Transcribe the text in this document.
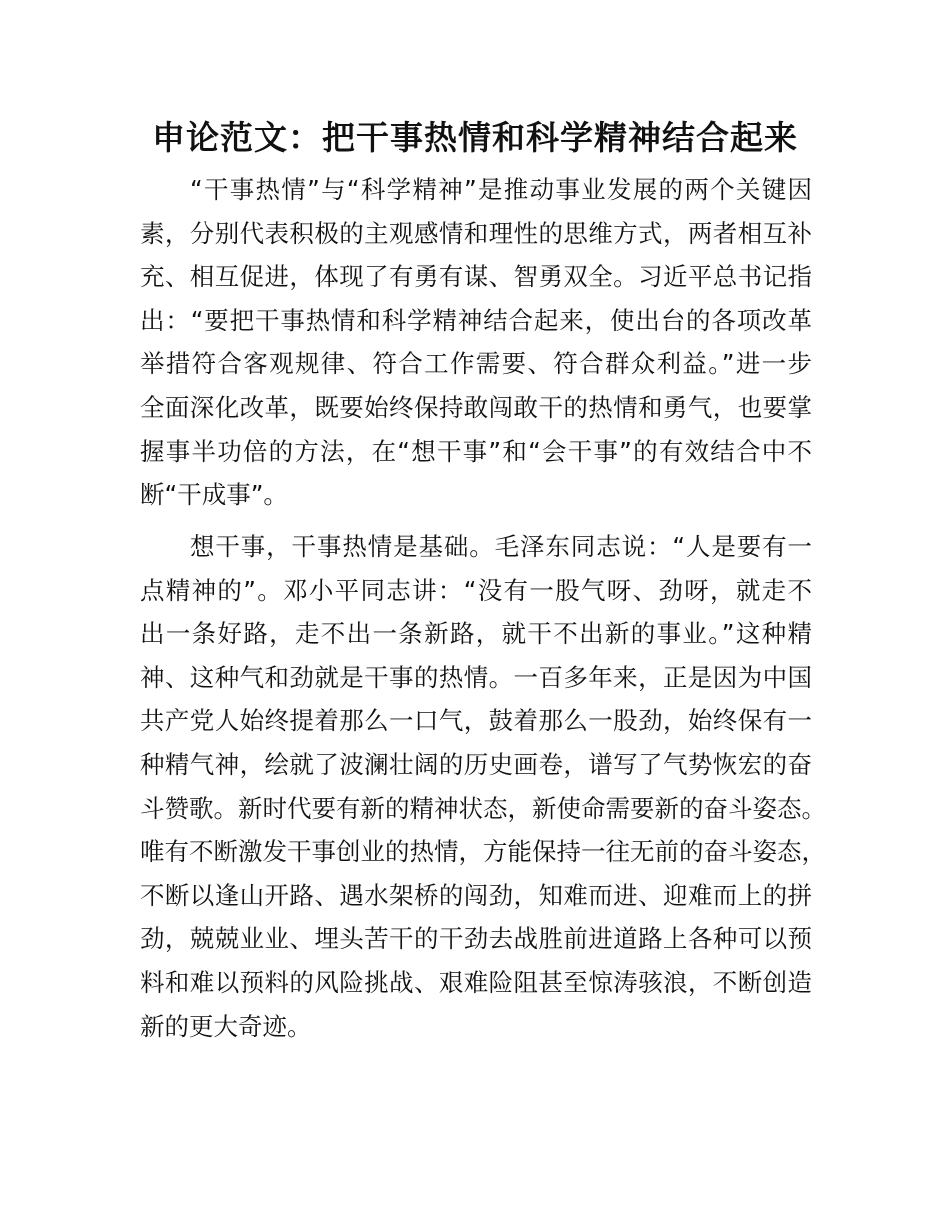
申论范文：把干事热情和科学精神结合起来
“干事热情”与“科学精神”是推动事业发展的两个关键因
素，分别代表积极的主观感情和理性的思维方式，两者相互补
充、相互促进，体现了有勇有谋、智勇双全。习近平总书记指
出：“要把干事热情和科学精神结合起来，使出台的各项改革
举措符合客观规律、符合工作需要、符合群众利益。”进一步
全面深化改革，既要始终保持敢闯敢干的热情和勇气，也要掌
握事半功倍的方法，在“想干事”和“会干事”的有效结合中不
断“干成事”。
想干事，干事热情是基础。毛泽东同志说：“人是要有一
点精神的”。邓小平同志讲：“没有一股气呀、劲呀，就走不
出一条好路，走不出一条新路，就干不出新的事业。”这种精
神、这种气和劲就是干事的热情。一百多年来，正是因为中国
共产党人始终提着那么一口气，鼓着那么一股劲，始终保有一
种精气神，绘就了波澜壮阔的历史画卷，谱写了气势恢宏的奋
斗赞歌。新时代要有新的精神状态，新使命需要新的奋斗姿态。
唯有不断激发干事创业的热情，方能保持一往无前的奋斗姿态，
不断以逢山开路、遇水架桥的闯劲，知难而进、迎难而上的拼
劲，兢兢业业、埋头苦干的干劲去战胜前进道路上各种可以预
料和难以预料的风险挑战、艰难险阻甚至惊涛骇浪，不断创造
新的更大奇迹。
